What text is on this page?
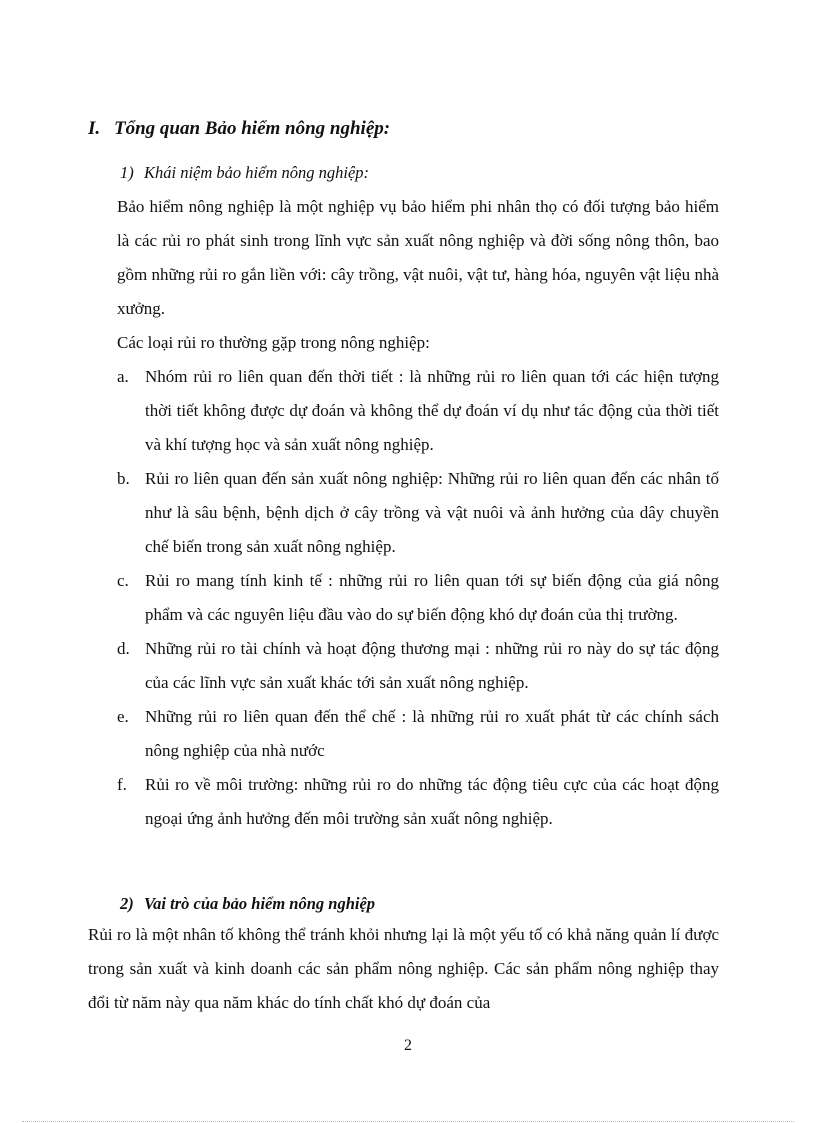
I. Tổng quan Bảo hiểm nông nghiệp:
1) Khái niệm bảo hiểm nông nghiệp:
Bảo hiểm nông nghiệp là một nghiệp vụ bảo hiểm phi nhân thọ có đối tượng bảo hiểm là các rủi ro phát sinh trong lĩnh vực sản xuất nông nghiệp và đời sống nông thôn, bao gồm những rủi ro gắn liền với: cây trồng, vật nuôi, vật tư, hàng hóa, nguyên vật liệu nhà xưởng.
Các loại rủi ro thường gặp trong nông nghiệp:
a. Nhóm rủi ro liên quan đến thời tiết : là những rủi ro liên quan tới các hiện tượng thời tiết không được dự đoán và không thể dự đoán ví dụ như tác động của thời tiết và khí tượng học và sản xuất nông nghiệp.
b. Rủi ro liên quan đến sản xuất nông nghiệp: Những rủi ro liên quan đến các nhân tố như là sâu bệnh, bệnh dịch ở cây trồng và vật nuôi và ảnh hưởng của dây chuyền chế biến trong sản xuất nông nghiệp.
c. Rủi ro mang tính kinh tế : những rủi ro liên quan tới sự biến động của giá nông phẩm và các nguyên liệu đầu vào do sự biến động khó dự đoán của thị trường.
d. Những rủi ro tài chính và hoạt động thương mại : những rủi ro này do sự tác động của các lĩnh vực sản xuất khác tới sản xuất nông nghiệp.
e. Những rủi ro liên quan đến thể chế : là những rủi ro xuất phát từ các chính sách nông nghiệp của nhà nước
f. Rủi ro về môi trường: những rủi ro do những tác động tiêu cực của các hoạt động ngoại ứng ảnh hưởng đến môi trường sản xuất nông nghiệp.
2) Vai trò của bảo hiểm nông nghiệp
Rủi ro là một nhân tố không thể tránh khỏi nhưng lại là một yếu tố có khả năng quản lí được trong sản xuất và kinh doanh các sản phẩm nông nghiệp. Các sản phẩm nông nghiệp thay đổi từ năm này qua năm khác do tính chất khó dự đoán của
2
